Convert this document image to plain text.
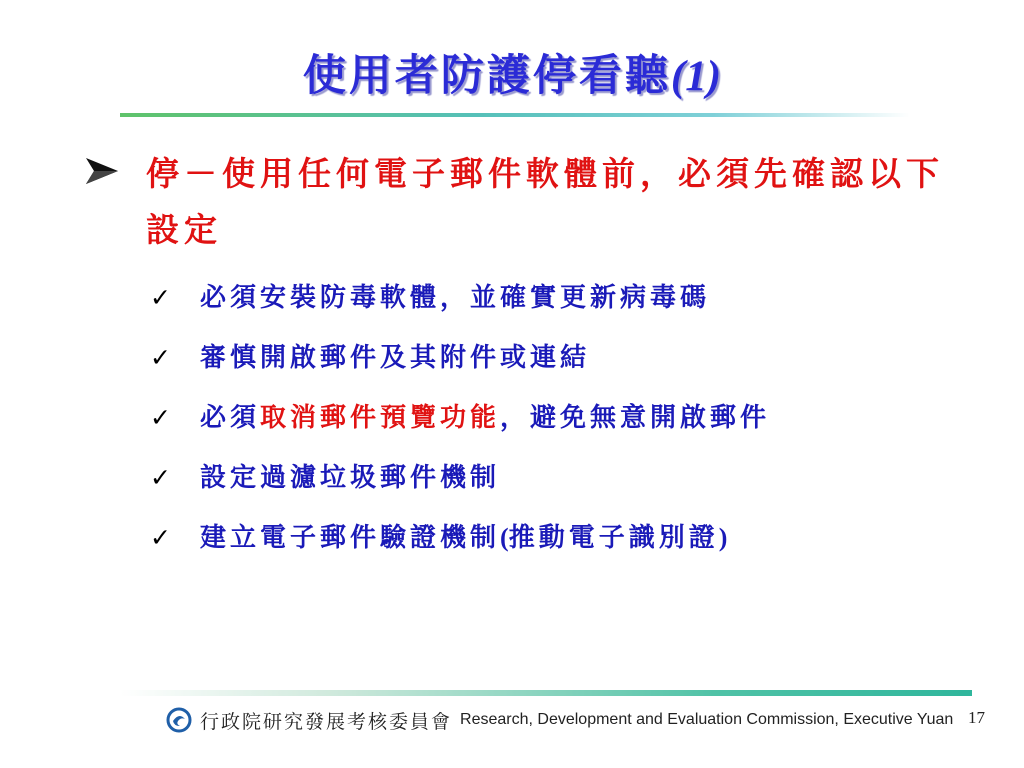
使用者防護停看聽(1)
停－使用任何電子郵件軟體前，必須先確認以下設定
✓ 必須安裝防毒軟體，並確實更新病毒碼
✓ 審慎開啟郵件及其附件或連結
✓ 必須取消郵件預覽功能，避免無意開啟郵件
✓ 設定過濾垃圾郵件機制
✓ 建立電子郵件驗證機制(推動電子識別證)
行政院研究發展考核委員會 Research, Development and Evaluation Commission, Executive Yuan 17
